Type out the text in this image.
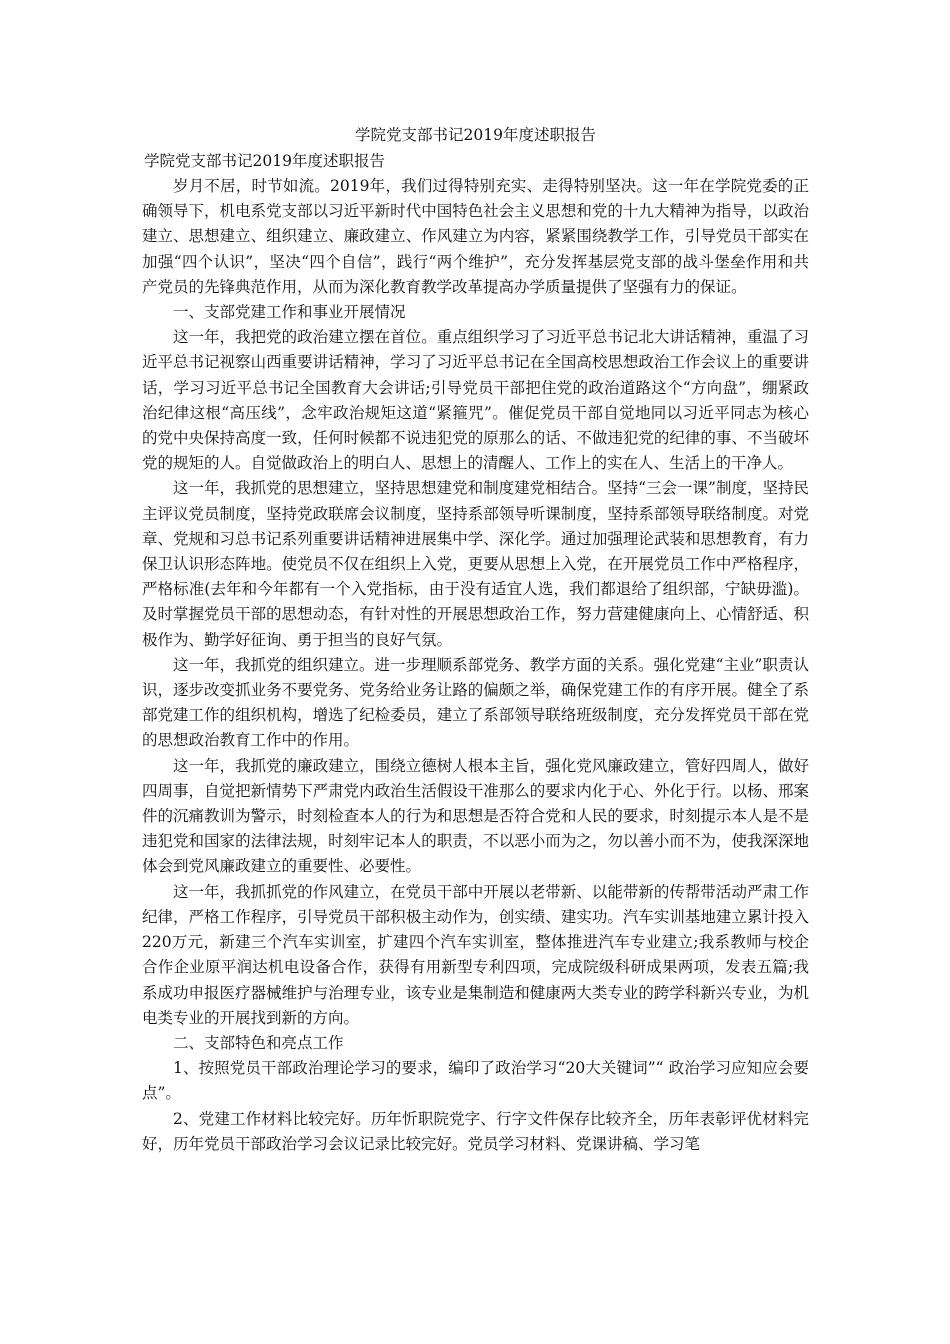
学院党支部书记2019年度述职报告

学院党支部书记2019年度述职报告

岁月不居，时节如流。2019年，我们过得特别充实、走得特别坚决。这一年在学院党委的正确领导下，机电系党支部以习近平新时代中国特色社会主义思想和党的十九大精神为指导，以政治建立、思想建立、组织建立、廉政建立、作风建立为内容，紧紧围绕教学工作，引导党员干部实在加强“四个认识”，坚决“四个自信”，践行“两个维护”，充分发挥基层党支部的战斗堡垒作用和共产党员的先锋典范作用，从而为深化教育教学改革提高办学质量提供了坚强有力的保证。

一、支部党建工作和事业开展情况

这一年，我把党的政治建立摆在首位。重点组织学习了习近平总书记北大讲话精神，重温了习近平总书记视察山西重要讲话精神，学习了习近平总书记在全国高校思想政治工作会议上的重要讲话，学习习近平总书记全国教育大会讲话;引导党员干部把住党的政治道路这个“方向盘”，绷紧政治纪律这根“高压线”，念牢政治规矩这道“紧箍咒”。催促党员干部自觉地同以习近平同志为核心的党中央保持高度一致，任何时候都不说违犯党的原那么的话、不做违犯党的纪律的事、不当破坏党的规矩的人。自觉做政治上的明白人、思想上的清醒人、工作上的实在人、生活上的干净人。

这一年，我抓党的思想建立，坚持思想建党和制度建党相结合。坚持“三会一课”制度，坚持民主评议党员制度，坚持党政联席会议制度，坚持系部领导听课制度，坚持系部领导联络制度。对党章、党规和习总书记系列重要讲话精神进展集中学、深化学。通过加强理论武装和思想教育，有力保卫认识形态阵地。使党员不仅在组织上入党，更要从思想上入党，在开展党员工作中严格程序，严格标准(去年和今年都有一个入党指标，由于没有适宜人选，我们都退给了组织部，宁缺毋滥)。及时掌握党员干部的思想动态，有针对性的开展思想政治工作，努力营建健康向上、心情舒适、积极作为、勤学好征询、勇于担当的良好气氛。

这一年，我抓党的组织建立。进一步理顺系部党务、教学方面的关系。强化党建“主业”职责认识，逐步改变抓业务不要党务、党务给业务让路的偏颇之举，确保党建工作的有序开展。健全了系部党建工作的组织机构，增选了纪检委员，建立了系部领导联络班级制度，充分发挥党员干部在党的思想政治教育工作中的作用。

这一年，我抓党的廉政建立，围绕立德树人根本主旨，强化党风廉政建立，管好四周人，做好四周事，自觉把新情势下严肃党内政治生活假设干准那么的要求内化于心、外化于行。以杨、邢案件的沉痛教训为警示，时刻检查本人的行为和思想是否符合党和人民的要求，时刻提示本人是不是违犯党和国家的法律法规，时刻牢记本人的职责，不以恶小而为之，勿以善小而不为，使我深深地体会到党风廉政建立的重要性、必要性。

这一年，我抓抓党的作风建立，在党员干部中开展以老带新、以能带新的传帮带活动严肃工作纪律，严格工作程序，引导党员干部积极主动作为，创实绩、建实功。汽车实训基地建立累计投入220万元，新建三个汽车实训室，扩建四个汽车实训室，整体推进汽车专业建立;我系教师与校企合作企业原平润达机电设备合作，获得有用新型专利四项，完成院级科研成果两项，发表五篇;我系成功申报医疗器械维护与治理专业，该专业是集制造和健康两大类专业的跨学科新兴专业，为机电类专业的开展找到新的方向。

二、支部特色和亮点工作

1、按照党员干部政治理论学习的要求，编印了政治学习“20大关键词”“ 政治学习应知应会要点”。

2、党建工作材料比较完好。历年忻职院党字、行字文件保存比较齐全，历年表彰评优材料完好，历年党员干部政治学习会议记录比较完好。党员学习材料、党课讲稿、学习笔
